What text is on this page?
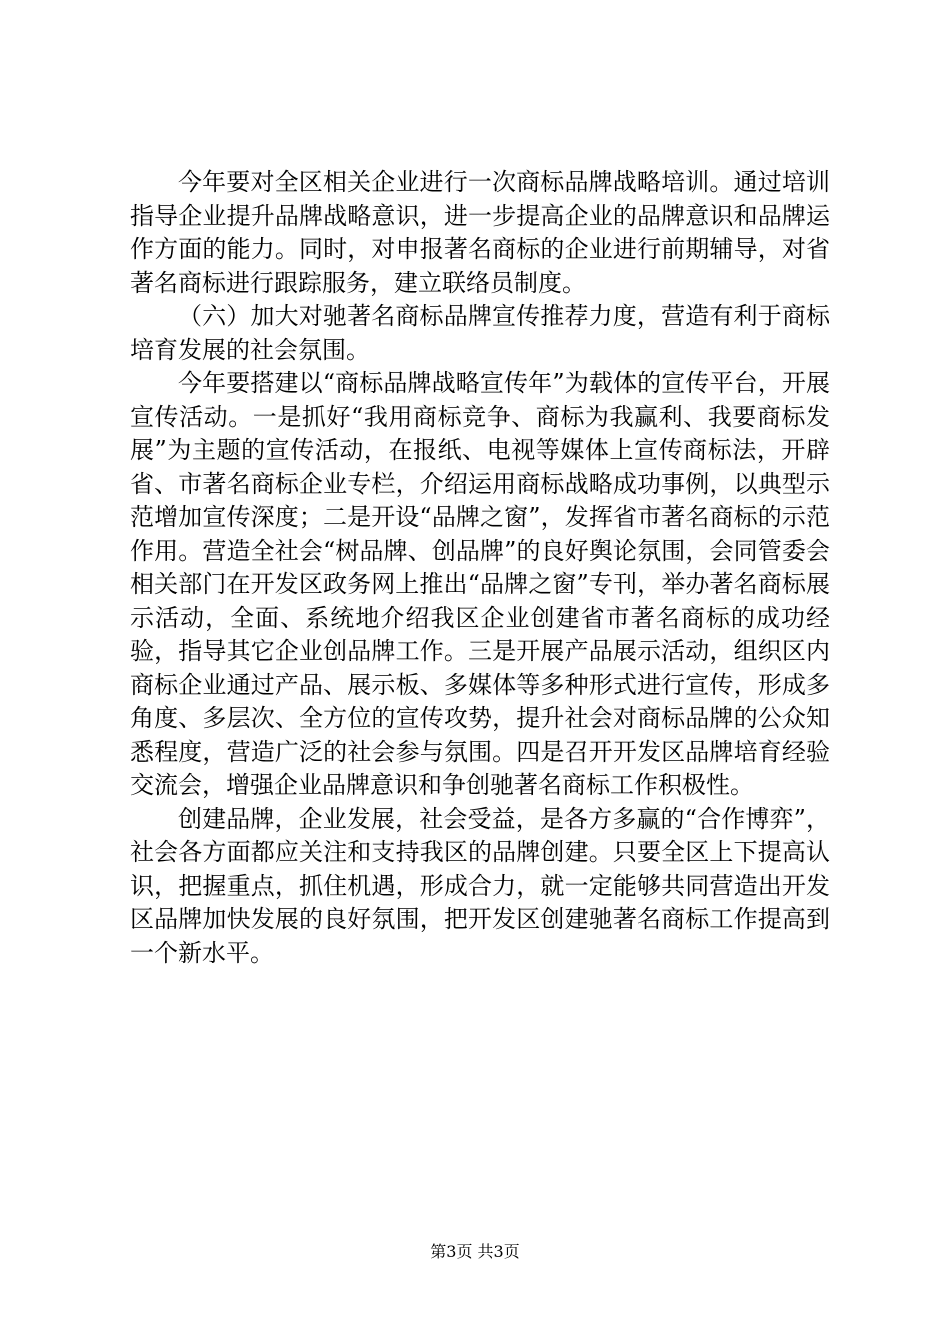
今年要对全区相关企业进行一次商标品牌战略培训。通过培训指导企业提升品牌战略意识，进一步提高企业的品牌意识和品牌运作方面的能力。同时，对申报著名商标的企业进行前期辅导，对省著名商标进行跟踪服务，建立联络员制度。

（六）加大对驰著名商标品牌宣传推荐力度，营造有利于商标培育发展的社会氛围。

今年要搭建以“商标品牌战略宣传年”为载体的宣传平台，开展宣传活动。一是抓好“我用商标竞争、商标为我赢利、我要商标发展”为主题的宣传活动，在报纸、电视等媒体上宣传商标法，开辟省、市著名商标企业专栏，介绍运用商标战略成功事例，以典型示范增加宣传深度；二是开设“品牌之窗”，发挥省市著名商标的示范作用。营造全社会“树品牌、创品牌”的良好舆论氛围，会同管委会相关部门在开发区政务网上推出“品牌之窗”专刊，举办著名商标展示活动，全面、系统地介绍我区企业创建省市著名商标的成功经验，指导其它企业创品牌工作。三是开展产品展示活动，组织区内商标企业通过产品、展示板、多媒体等多种形式进行宣传，形成多角度、多层次、全方位的宣传攻势，提升社会对商标品牌的公众知悉程度，营造广泛的社会参与氛围。四是召开开发区品牌培育经验交流会，增强企业品牌意识和争创驰著名商标工作积极性。

创建品牌，企业发展，社会受益，是各方多赢的“合作博弈”，社会各方面都应关注和支持我区的品牌创建。只要全区上下提高认识，把握重点，抓住机遇，形成合力，就一定能够共同营造出开发区品牌加快发展的良好氛围，把开发区创建驰著名商标工作提高到一个新水平。

第3页 共3页
